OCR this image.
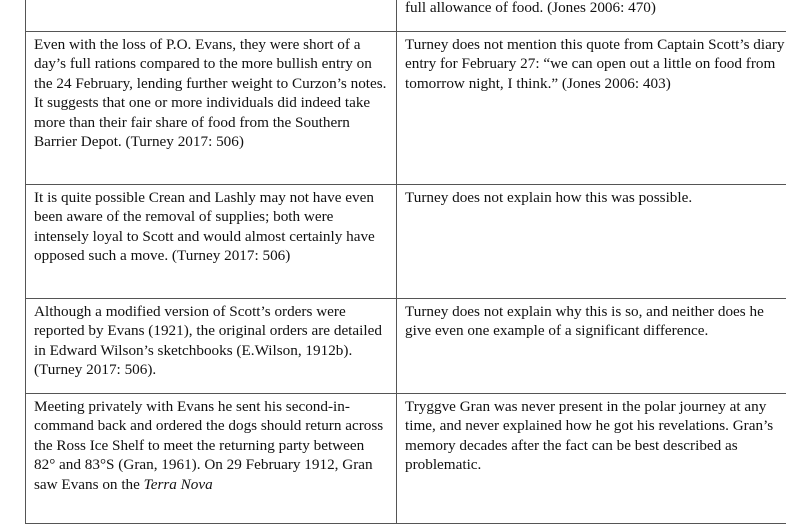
	full allowance of food. (Jones 2006: 470)
Even with the loss of P.O. Evans, they were short of a day’s full rations compared to the more bullish entry on the 24 February, lending further weight to Curzon’s notes. It suggests that one or more individuals did indeed take more than their fair share of food from the Southern Barrier Depot. (Turney 2017: 506)	Turney does not mention this quote from Captain Scott’s diary entry for February 27: “we can open out a little on food from tomorrow night, I think.” (Jones 2006: 403)
It is quite possible Crean and Lashly may not have even been aware of the removal of supplies; both were intensely loyal to Scott and would almost certainly have opposed such a move. (Turney 2017: 506)	Turney does not explain how this was possible.
Although a modified version of Scott’s orders were reported by Evans (1921), the original orders are detailed in Edward Wilson’s sketchbooks (E.Wilson, 1912b). (Turney 2017: 506).	Turney does not explain why this is so, and neither does he give even one example of a significant difference.
Meeting privately with Evans he sent his second-in-command back and ordered the dogs should return across the Ross Ice Shelf to meet the returning party between 82° and 83°S (Gran, 1961). On 29 February 1912, Gran saw Evans on the Terra Nova	Tryggve Gran was never present in the polar journey at any time, and never explained how he got his revelations. Gran’s memory decades after the fact can be best described as problematic.
